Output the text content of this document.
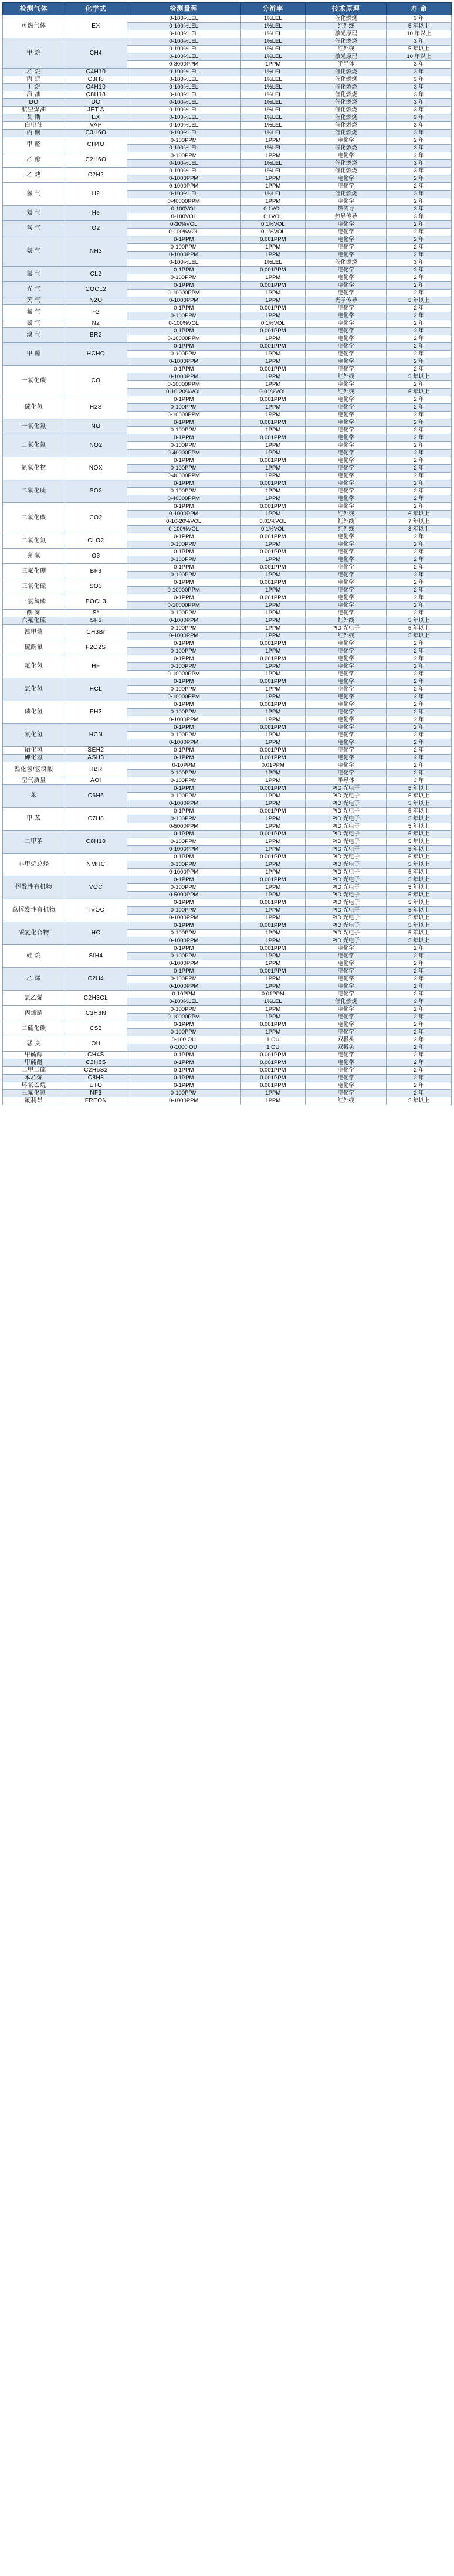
检测气体	化学式	检测量程	分辨率	技术原理	寿 命
可燃气体	EX	0-100%LEL	1%LEL	催化燃烧	3 年
		0-100%LEL	1%LEL	红外线	5 年以上
		0-100%LEL	1%LEL	激光原理	10 年以上
甲 烷	CH4	0-100%LEL	1%LEL	催化燃烧	3 年
		0-100%LEL	1%LEL	红外线	5 年以上
		0-100%LEL	1%LEL	激光原理	10 年以上
		0-3000PPM	1PPM	半导体	3 年
乙 烷	C4H10	0-100%LEL	1%LEL	催化燃烧	3 年
丙 烷	C3H8	0-100%LEL	1%LEL	催化燃烧	3 年
丁 烷	C4H10	0-100%LEL	1%LEL	催化燃烧	3 年
汽 油	C8H18	0-100%LEL	1%LEL	催化燃烧	3 年
DO	DO	0-100%LEL	1%LEL	催化燃烧	3 年
航空煤油	JET A	0-100%LEL	1%LEL	催化燃烧	3 年
瓦 斯	EX	0-100%LEL	1%LEL	催化燃烧	3 年
白电油	VAP	0-100%LEL	1%LEL	催化燃烧	3 年
丙 酮	C3H6O	0-100%LEL	1%LEL	催化燃烧	3 年
甲 醛	CH4O	0-100PPM	1PPM	电化学	2 年
		0-100%LEL	1%LEL	催化燃烧	3 年
乙 醇	C2H6O	0-100PPM	1PPM	电化学	2 年
		0-100%LEL	1%LEL	催化燃烧	3 年
乙 炔	C2H2	0-100%LEL	1%LEL	催化燃烧	3 年
		0-1000PPM	1PPM	电化学	2 年
氢 气	H2	0-1000PPM	1PPM	电化学	2 年
		0-100%LEL	1%LEL	催化燃烧	3 年
		0-40000PPM	1PPM	电化学	2 年
氦 气	He	0-100VOL	0.1VOL	热传导	3 年
		0-100VOL	0.1VOL	热导传导	3 年
氧 气	O2	0-30%VOL	0.1%VOL	电化学	2 年
		0-100%VOL	0.1%VOL	电化学	2 年
氨 气	NH3	0-1PPM	0.001PPM	电化学	2 年
		0-100PPM	1PPM	电化学	2 年
		0-1000PPM	1PPM	电化学	2 年
		0-100%LEL	1%LEL	催化燃烧	3 年
氯 气	CL2	0-1PPM	0.001PPM	电化学	2 年
		0-100PPM	1PPM	电化学	2 年
光 气	COCL2	0-1PPM	0.001PPM	电化学	2 年
		0-10000PPM	1PPM	电化学	2 年
笑 气	N2O	0-1000PPM	1PPM	光学传导	5 年以上
氟 气	F2	0-1PPM	0.001PPM	电化学	2 年
		0-100PPM	1PPM	电化学	2 年
氮 气	N2	0-100%VOL	0.1%VOL	电化学	2 年
溴 气	BR2	0-1PPM	0.001PPM	电化学	2 年
		0-10000PPM	1PPM	电化学	2 年
甲 醛	HCHO	0-1PPM	0.001PPM	电化学	2 年
		0-100PPM	1PPM	电化学	2 年
		0-1000PPM	1PPM	电化学	2 年
一氧化碳	CO	0-1PPM	0.001PPM	电化学	2 年
		0-1000PPM	1PPM	红外线	5 年以上
		0-10000PPM	1PPM	电化学	2 年
		0-10-20%VOL	0.01%VOL	红外线	5 年以上
硫化氢	H2S	0-1PPM	0.001PPM	电化学	2 年
		0-100PPM	1PPM	电化学	2 年
		0-10000PPM	1PPM	电化学	2 年
一氧化氮	NO	0-1PPM	0.001PPM	电化学	2 年
		0-100PPM	1PPM	电化学	2 年
二氧化氮	NO2	0-1PPM	0.001PPM	电化学	2 年
		0-100PPM	1PPM	电化学	2 年
		0-40000PPM	1PPM	电化学	2 年
氮氧化物	NOX	0-1PPM	0.001PPM	电化学	2 年
		0-100PPM	1PPM	电化学	2 年
		0-40000PPM	1PPM	电化学	2 年
二氧化硫	SO2	0-1PPM	0.001PPM	电化学	2 年
		0-100PPM	1PPM	电化学	2 年
		0-40000PPM	1PPM	电化学	2 年
二氧化碳	CO2	0-1PPM	0.001PPM	电化学	2 年
		0-1000PPM	1PPM	红外线	6 年以上
		0-10-20%VOL	0.01%VOL	红外线	7 年以上
		0-100%VOL	0.1%VOL	红外线	8 年以上
二氧化氯	CLO2	0-1PPM	0.001PPM	电化学	2 年
		0-100PPM	1PPM	电化学	2 年
臭 氧	O3	0-1PPM	0.001PPM	电化学	2 年
		0-100PPM	1PPM	电化学	2 年
三氟化硼	BF3	0-1PPM	0.001PPM	电化学	2 年
		0-100PPM	1PPM	电化学	2 年
三氧化硫	SO3	0-1PPM	0.001PPM	电化学	2 年
		0-10000PPM	1PPM	电化学	2 年
三氯氧磷	POCL3	0-1PPM	0.001PPM	电化学	2 年
		0-10000PPM	1PPM	电化学	2 年
酸 雾	S*	0-100PPM	1PPM	电化学	2 年
六氟化硫	SF6	0-1000PPM	1PPM	红外线	5 年以上
溴甲烷	CH3Br	0-100PPM	1PPM	PID 光电子	5 年以上
		0-1000PPM	1PPM	红外线	5 年以上
硫酰氟	F2O2S	0-1PPM	0.001PPM	电化学	2 年
		0-100PPM	1PPM	电化学	2 年
氟化氢	HF	0-1PPM	0.001PPM	电化学	2 年
		0-100PPM	1PPM	电化学	2 年
		0-10000PPM	1PPM	电化学	2 年
氯化氢	HCL	0-1PPM	0.001PPM	电化学	2 年
		0-100PPM	1PPM	电化学	2 年
		0-10000PPM	1PPM	电化学	2 年
磷化氢	PH3	0-1PPM	0.001PPM	电化学	2 年
		0-100PPM	1PPM	电化学	2 年
		0-1000PPM	1PPM	电化学	2 年
氰化氢	HCN	0-1PPM	0.001PPM	电化学	2 年
		0-100PPM	1PPM	电化学	2 年
		0-1000PPM	1PPM	电化学	2 年
硒化氢	SEH2	0-1PPM	0.001PPM	电化学	2 年
砷化氢	ASH3	0-1PPM	0.001PPM	电化学	2 年
溴化氢/氢溴酸	HBR	0-10PPM	0.01PPM	电化学	2 年
		0-100PPM	1PPM	电化学	2 年
空气质量	AQI	0-100PPM	1PPM	半导体	3 年
苯	C6H6	0-1PPM	0.001PPM	PID 光电子	5 年以上
		0-100PPM	1PPM	PID 光电子	5 年以上
		0-1000PPM	1PPM	PID 光电子	5 年以上
甲 苯	C7H8	0-1PPM	0.001PPM	PID 光电子	5 年以上
		0-100PPM	1PPM	PID 光电子	5 年以上
		0-5000PPM	1PPM	PID 光电子	5 年以上
二甲苯	C8H10	0-1PPM	0.001PPM	PID 光电子	5 年以上
		0-100PPM	1PPM	PID 光电子	5 年以上
		0-1000PPM	1PPM	PID 光电子	5 年以上
非甲烷总烃	NMHC	0-1PPM	0.001PPM	PID 光电子	5 年以上
		0-100PPM	1PPM	PID 光电子	5 年以上
		0-1000PPM	1PPM	PID 光电子	5 年以上
挥发性有机物	VOC	0-1PPM	0.001PPM	PID 光电子	5 年以上
		0-100PPM	1PPM	PID 光电子	5 年以上
		0-5000PPM	1PPM	PID 光电子	5 年以上
总挥发性有机物	TVOC	0-1PPM	0.001PPM	PID 光电子	5 年以上
		0-100PPM	1PPM	PID 光电子	5 年以上
		0-1000PPM	1PPM	PID 光电子	5 年以上
碳氢化合物	HC	0-1PPM	0.001PPM	PID 光电子	5 年以上
		0-100PPM	1PPM	PID 光电子	5 年以上
		0-1000PPM	1PPM	PID 光电子	5 年以上
硅 烷	SIH4	0-1PPM	0.001PPM	电化学	2 年
		0-100PPM	1PPM	电化学	2 年
		0-1000PPM	1PPM	电化学	2 年
乙 烯	C2H4	0-1PPM	0.001PPM	电化学	2 年
		0-100PPM	1PPM	电化学	2 年
		0-1000PPM	1PPM	电化学	2 年
氯乙烯	C2H3CL	0-10PPM	0.01PPM	电化学	2 年
		0-100%LEL	1%LEL	催化燃烧	3 年
丙烯腈	C3H3N	0-100PPM	1PPM	电化学	2 年
		0-10000PPM	1PPM	电化学	2 年
二硫化碳	CS2	0-1PPM	0.001PPM	电化学	2 年
		0-100PPM	1PPM	电化学	2 年
恶 臭	OU	0-100 OU	1 OU	双极头	2 年
		0-1000 OU	1 OU	双极头	2 年
甲硫醇	CH4S	0-1PPM	0.001PPM	电化学	2 年
甲硫醚	C2H6S	0-1PPM	0.001PPM	电化学	2 年
二甲二硫	C2H6S2	0-1PPM	0.001PPM	电化学	2 年
苯乙烯	C8H8	0-1PPM	0.001PPM	电化学	2 年
环氧乙烷	ETO	0-1PPM	0.001PPM	电化学	2 年
三氟化氮	NF3	0-100PPM	1PPM	电化学	2 年
氟利昂	FREON	0-1000PPM	1PPM	红外线	5 年以上
